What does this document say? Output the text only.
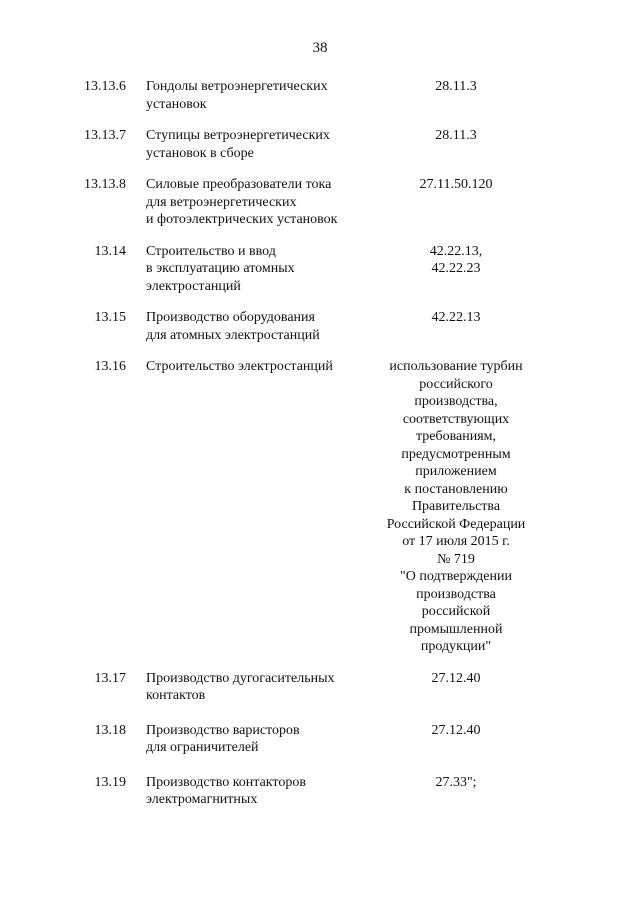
38
13.13.6 Гондолы ветроэнергетических
установок
28.11.3
13.13.7 Ступицы ветроэнергетических
установок в сборе
28.11.3
13.13.8 Силовые преобразователи тока
для ветроэнергетических
и фотоэлектрических установок
27.11.50.120
13.14 Строительство и ввод
в эксплуатацию атомных
электростанций
42.22.13,
42.22.23
13.15 Производство оборудования
для атомных электростанций
42.22.13
13.16 Строительство электростанций	использование турбин
российского
производства,
соответствующих
требованиям,
предусмотренным
приложением
к постановлению
Правительства
Российской Федерации
от 17 июля 2015 г.
№ 719
"О подтверждении
производства
российской
промышленной
продукции"
13.17 Производство дугогасительных
контактов
27.12.40
13.18 Производство варисторов
для ограничителей
27.12.40
13.19 Производство контакторов
электромагнитных
27.33";
